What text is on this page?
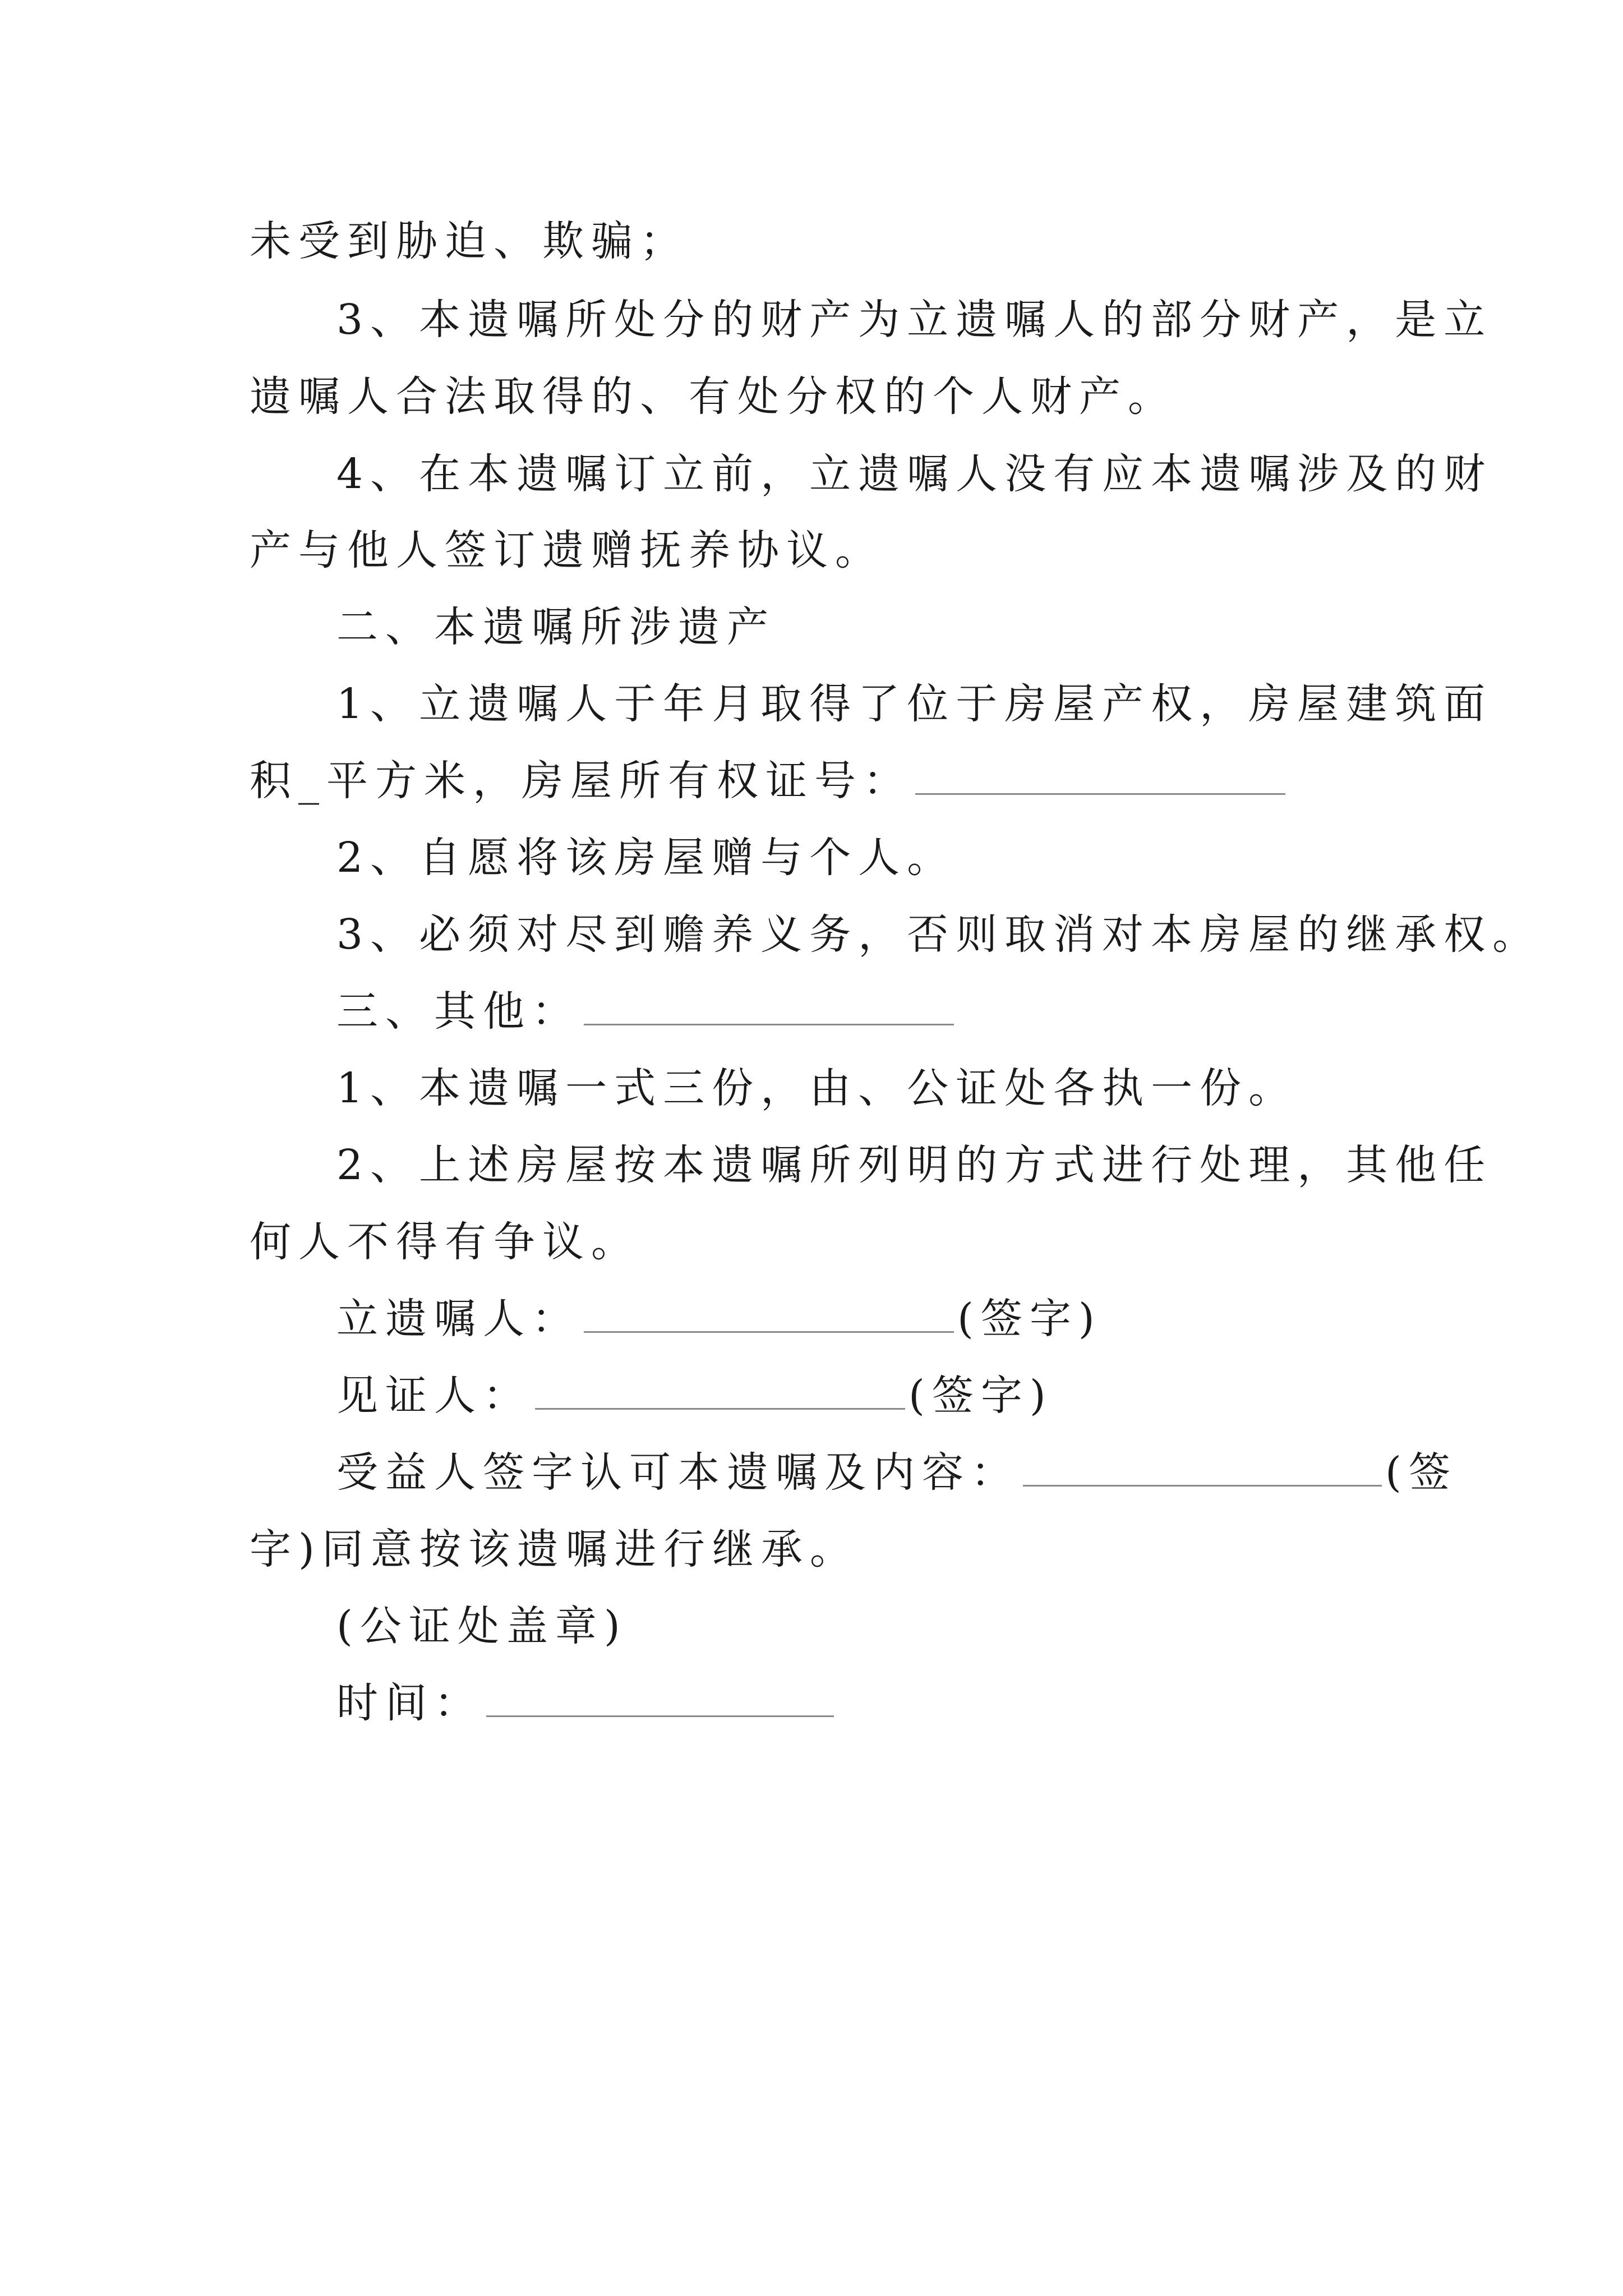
未受到胁迫、欺骗；

3、本遗嘱所处分的财产为立遗嘱人的部分财产，是立

遗嘱人合法取得的、有处分权的个人财产。

4、在本遗嘱订立前，立遗嘱人没有应本遗嘱涉及的财

产与他人签订遗赠抚养协议。

二、本遗嘱所涉遗产

1、立遗嘱人于年月取得了位于房屋产权，房屋建筑面

积_平方米，房屋所有权证号：

2、自愿将该房屋赠与个人。

3、必须对尽到赡养义务，否则取消对本房屋的继承权。

三、其他：

1、本遗嘱一式三份，由、公证处各执一份。

2、上述房屋按本遗嘱所列明的方式进行处理，其他任

何人不得有争议。

立遗嘱人：	(签字)

见证人：	(签字)

受益人签字认可本遗嘱及内容：	(签

字)同意按该遗嘱进行继承。

(公证处盖章)

时间：
